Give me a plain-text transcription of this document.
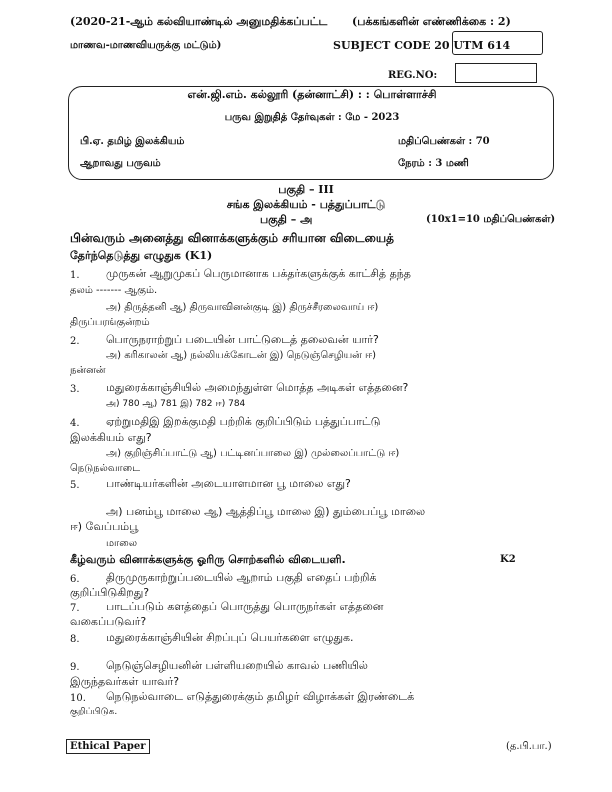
(2020-21-ஆம் கல்வியாண்டில் அனுமதிக்கப்பட்ட (பக்கங்களின் எண்ணிக்கை : 2)
மாணவ-மாணவியருக்கு மட்டும்)	SUBJECT CODE 20 UTM 614
REG.NO:
என்.ஜி.எம். கல்லூரி (தன்னாட்சி) : : பொள்ளாச்சி
பருவ இறுதித் தேர்வுகள் : மே - 2023
பி.ஏ. தமிழ் இலக்கியம்	மதிப்பெண்கள் : 70
ஆறாவது பருவம்	நேரம் : 3 மணி
பகுதி – III
சங்க இலக்கியம் - பத்துப்பாட்டு
பகுதி – அ	(10x1=10 மதிப்பெண்கள்)
பின்வரும் அனைத்து வினாக்களுக்கும் சரியான விடையைத்
தேர்ந்தெடுத்து எழுதுக (K1)
1. முருகன் ஆறுமுகப் பெருமானாக பக்தர்களுக்குக் காட்சித் தந்த
தலம் ------- ஆகும்.
அ) திருத்தனி ஆ) திருவாவினன்குடி இ) திருச்சீரலைவாய் ஈ)
திருப்பரங்குன்றம்
2. பொருநராற்றுப் படையின் பாட்டுடைத் தலைவன் யார்?
அ) கரிகாலன் ஆ) நல்லியக்கோடன் இ) நெடுஞ்செழியன் ஈ)
நன்னன்
3. மதுரைக்காஞ்சியில் அமைந்துள்ள மொத்த அடிகள் எத்தனை?
அ) 780 ஆ) 781 இ) 782 ஈ) 784
4. ஏற்றுமதிஇ இறக்குமதி பற்றிக் குறிப்பிடும் பத்துப்பாட்டு
இலக்கியம் எது?
அ) குறிஞ்சிப்பாட்டு ஆ) பட்டினப்பாலை இ) முல்லைப்பாட்டு ஈ)
நெடுநல்வாடை
5. பாண்டியர்களின் அடையாளமான பூ மாலை எது?
அ) பனம்பூ மாலை ஆ) ஆத்திப்பூ மாலை இ) தும்பைப்பூ மாலை
ஈ) வேப்பம்பூ
மாலை
கீழ்வரும் வினாக்களுக்கு ஓரிரு சொற்களில் விடையளி.	K2
6. திருமுருகாற்றுப்படையில் ஆறாம் பகுதி எதைப் பற்றிக்
குறிப்பிடுகிறது?
7. பாடப்படும் களத்தைப் பொருத்து பொருநர்கள் எத்தனை
வகைப்படுவர்?
8. மதுரைக்காஞ்சியின் சிறப்புப் பெயர்களை எழுதுக.
9. நெடுஞ்செழியனின் பள்ளியறையில் காவல் பணியில்
இருந்தவர்கள் யாவர்?
10. நெடுநல்வாடை எடுத்துரைக்கும் தமிழர் விழாக்கள் இரண்டைக்
குறிப்பிடுக.
Ethical Paper	(த.பி.பா.)
